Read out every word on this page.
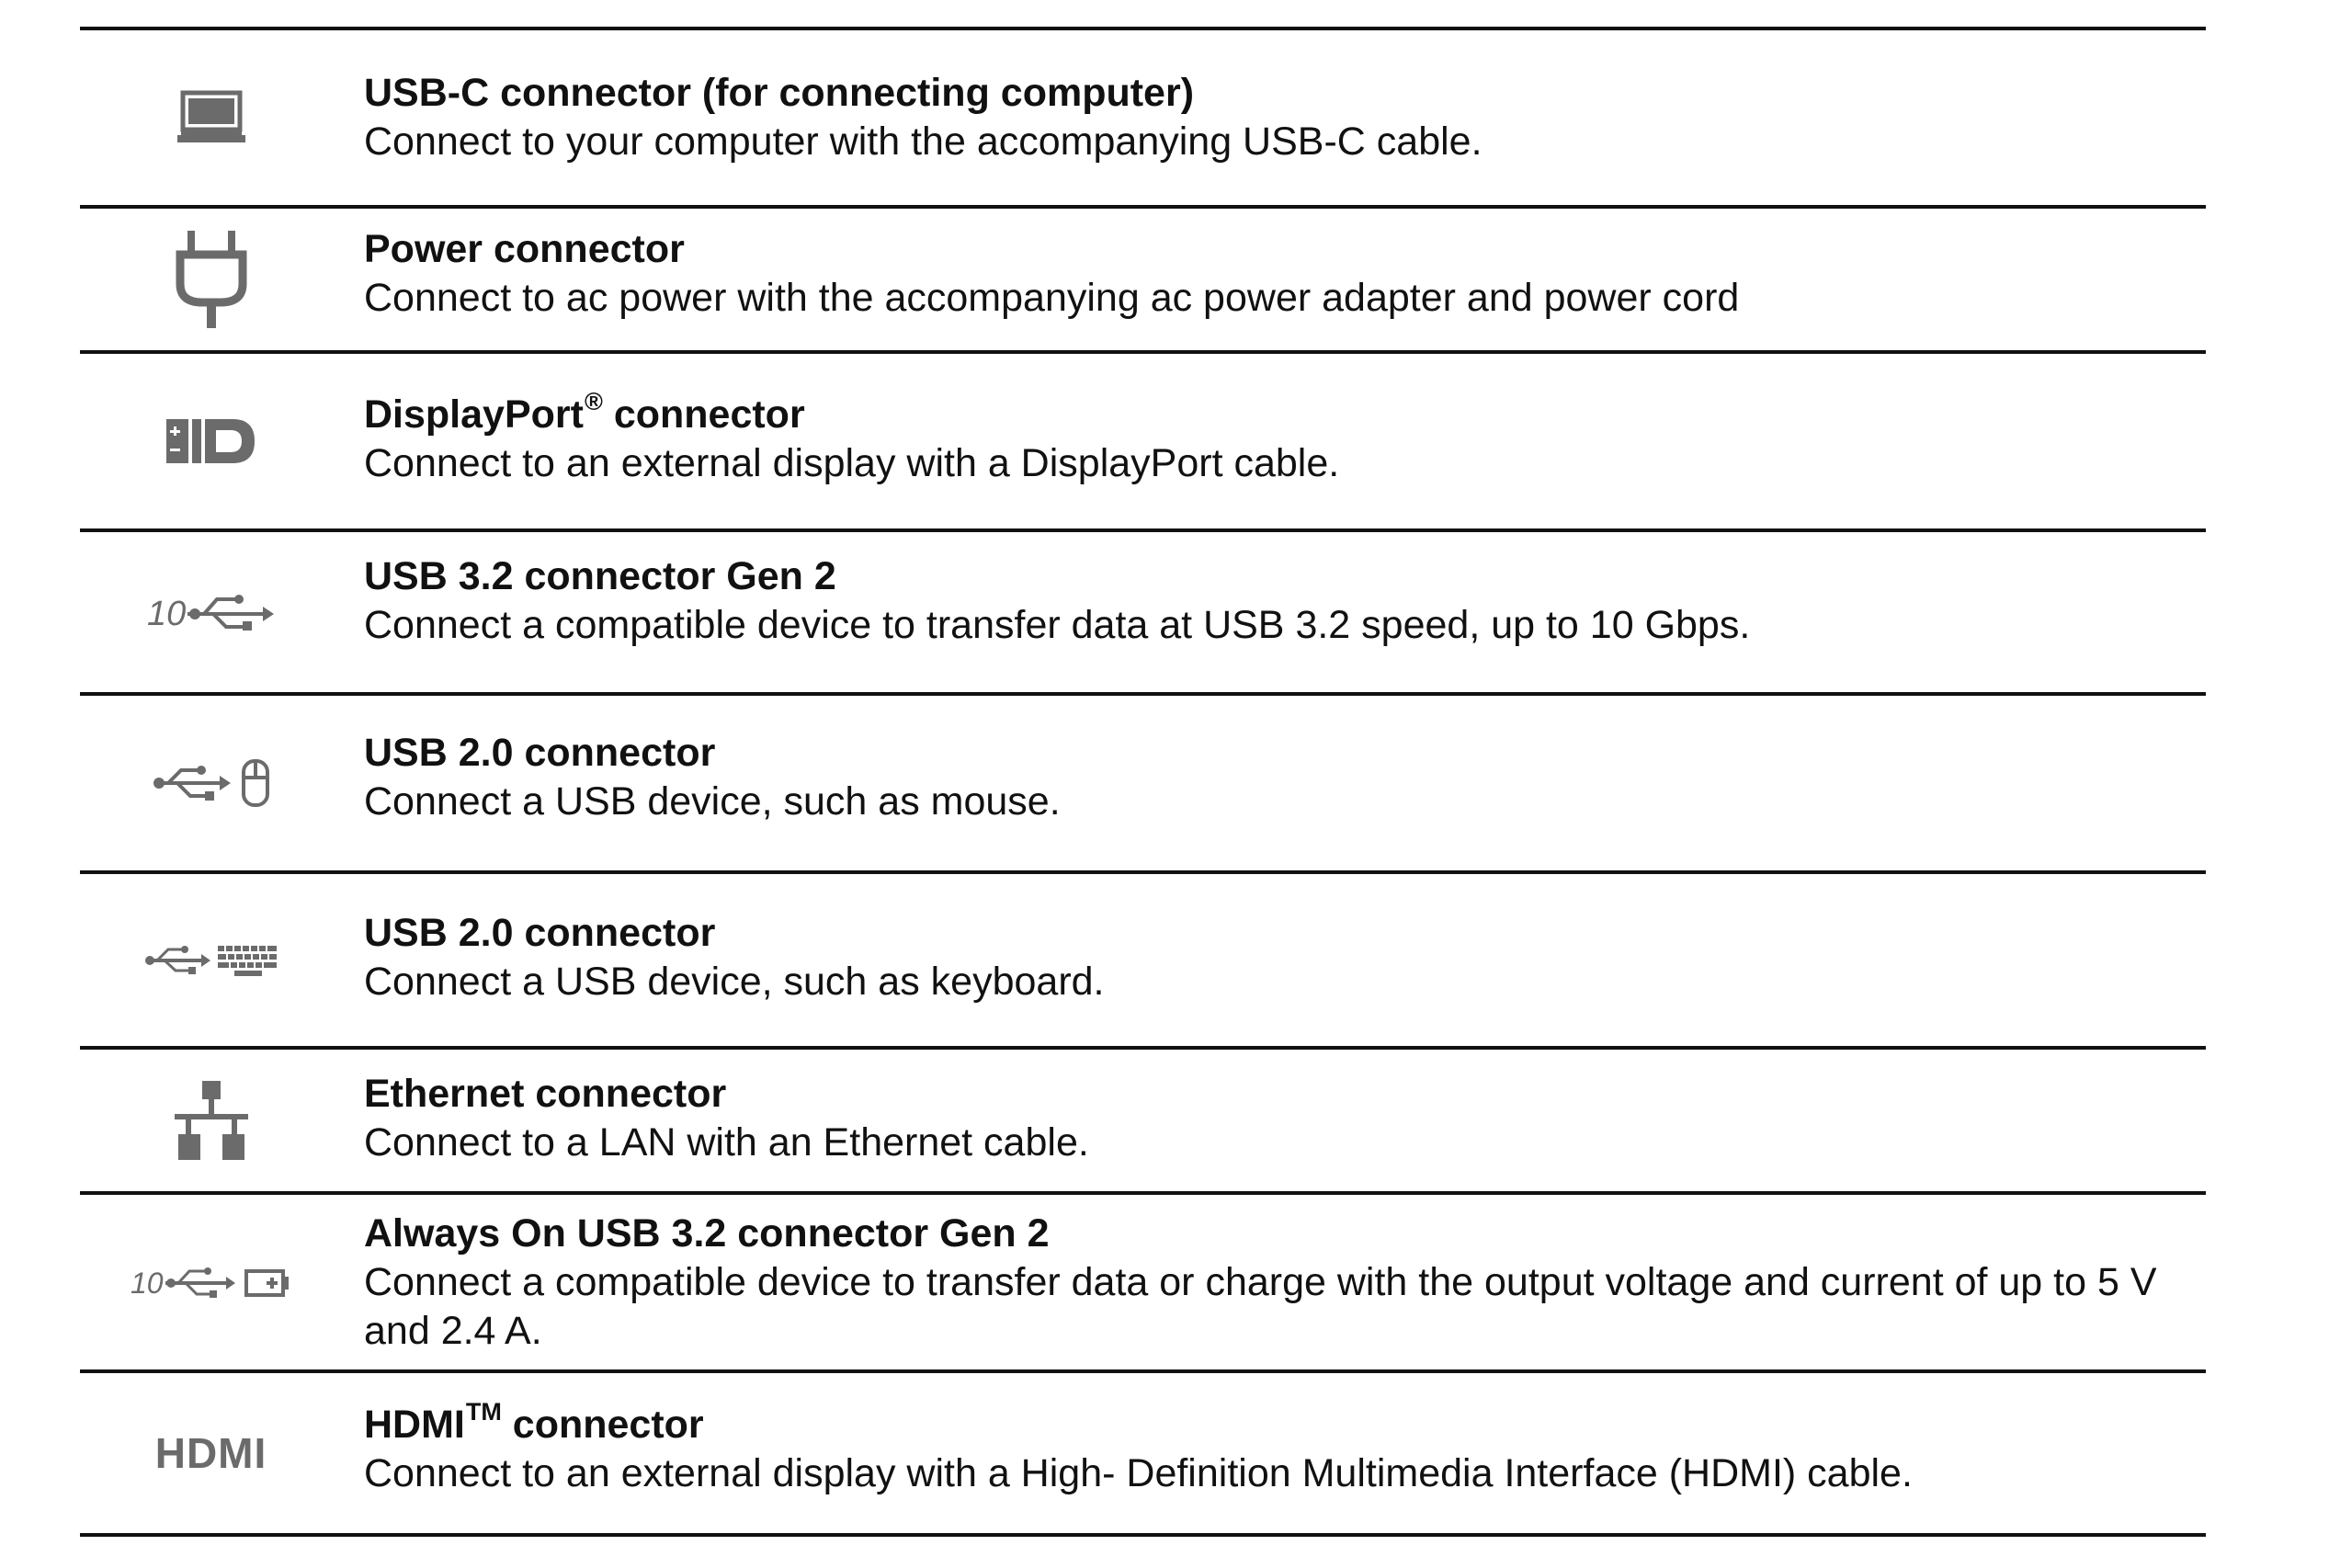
USB-C connector (for connecting computer)
Connect to your computer with the accompanying USB-C cable.
Power connector
Connect to ac power with the accompanying ac power adapter and power cord
DisplayPort® connector
Connect to an external display with a DisplayPort cable.
10
USB 3.2 connector Gen 2
Connect a compatible device to transfer data at USB 3.2 speed, up to 10 Gbps.
USB 2.0 connector
Connect a USB device, such as mouse.
USB 2.0 connector
Connect a USB device, such as keyboard.
Ethernet connector
Connect to a LAN with an Ethernet cable.
10
Always On USB 3.2 connector Gen 2
Connect a compatible device to transfer data or charge with the output voltage and current of up to 5 V and 2.4 A.
HDMI
HDMI™ connector
Connect to an external display with a High- Definition Multimedia Interface (HDMI) cable.
